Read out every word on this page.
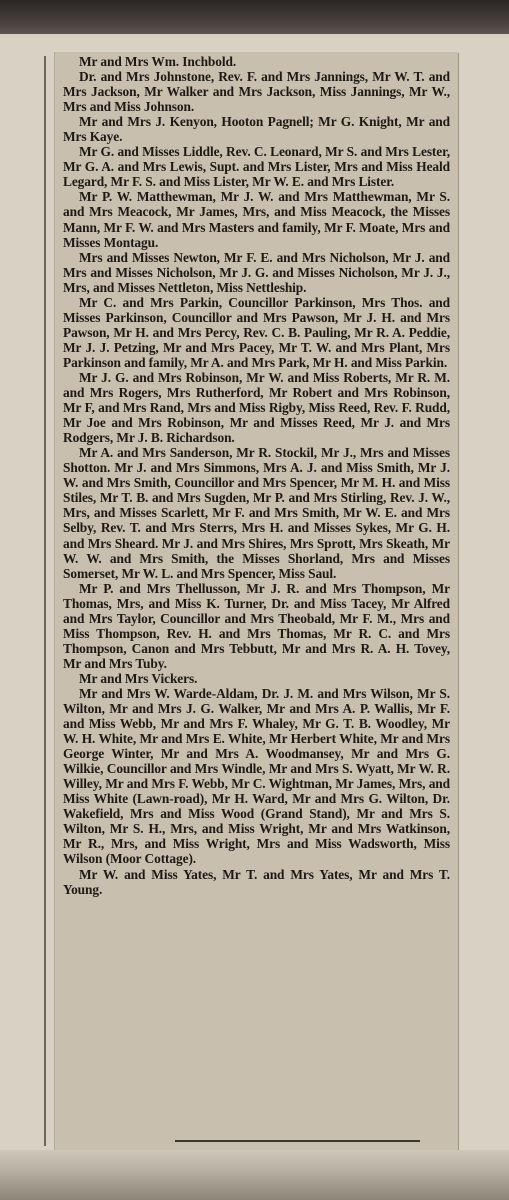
Mr and Mrs Wm. Inchbold.

Dr. and Mrs Johnstone, Rev. F. and Mrs Jannings, Mr W. T. and Mrs Jackson, Mr Walker and Mrs Jackson, Miss Jannings, Mr W., Mrs and Miss Johnson.

Mr and Mrs J. Kenyon, Hooton Pagnell; Mr G. Knight, Mr and Mrs Kaye.

Mr G. and Misses Liddle, Rev. C. Leonard, Mr S. and Mrs Lester, Mr G. A. and Mrs Lewis, Supt. and Mrs Lister, Mrs and Miss Heald Legard, Mr F. S. and Miss Lister, Mr W. E. and Mrs Lister.

Mr P. W. Matthewman, Mr J. W. and Mrs Matthewman, Mr S. and Mrs Meacock, Mr James, Mrs, and Miss Meacock, the Misses Mann, Mr F. W. and Mrs Masters and family, Mr F. Moate, Mrs and Misses Montagu.

Mrs and Misses Newton, Mr F. E. and Mrs Nicholson, Mr J. and Mrs and Misses Nicholson, Mr J. G. and Misses Nicholson, Mr J. J., Mrs, and Misses Nettleton, Miss Nettleship.

Mr C. and Mrs Parkin, Councillor Parkinson, Mrs Thos. and Misses Parkinson, Councillor and Mrs Pawson, Mr J. H. and Mrs Pawson, Mr H. and Mrs Percy, Rev. C. B. Pauling, Mr R. A. Peddie, Mr J. J. Petzing, Mr and Mrs Pacey, Mr T. W. and Mrs Plant, Mrs Parkinson and family, Mr A. and Mrs Park, Mr H. and Miss Parkin.

Mr J. G. and Mrs Robinson, Mr W. and Miss Roberts, Mr R. M. and Mrs Rogers, Mrs Rutherford, Mr Robert and Mrs Robinson, Mr F, and Mrs Rand, Mrs and Miss Rigby, Miss Reed, Rev. F. Rudd, Mr Joe and Mrs Robinson, Mr and Misses Reed, Mr J. and Mrs Rodgers, Mr J. B. Richardson.

Mr A. and Mrs Sanderson, Mr R. Stockil, Mr J., Mrs and Misses Shotton. Mr J. and Mrs Simmons, Mrs A. J. and Miss Smith, Mr J. W. and Mrs Smith, Councillor and Mrs Spencer, Mr M. H. and Miss Stiles, Mr T. B. and Mrs Sugden, Mr P. and Mrs Stirling, Rev. J. W., Mrs, and Misses Scarlett, Mr F. and Mrs Smith, Mr W. E. and Mrs Selby, Rev. T. and Mrs Sterrs, Mrs H. and Misses Sykes, Mr G. H. and Mrs Sheard. Mr J. and Mrs Shires, Mrs Sprott, Mrs Skeath, Mr W. W. and Mrs Smith, the Misses Shorland, Mrs and Misses Somerset, Mr W. L. and Mrs Spencer, Miss Saul.

Mr P. and Mrs Thellusson, Mr J. R. and Mrs Thompson, Mr Thomas, Mrs, and Miss K. Turner, Dr. and Miss Tacey, Mr Alfred and Mrs Taylor, Councillor and Mrs Theobald, Mr F. M., Mrs and Miss Thompson, Rev. H. and Mrs Thomas, Mr R. C. and Mrs Thompson, Canon and Mrs Tebbutt, Mr and Mrs R. A. H. Tovey, Mr and Mrs Tuby.

Mr and Mrs Vickers.

Mr and Mrs W. Warde-Aldam, Dr. J. M. and Mrs Wilson, Mr S. Wilton, Mr and Mrs J. G. Walker, Mr and Mrs A. P. Wallis, Mr F. and Miss Webb, Mr and Mrs F. Whaley, Mr G. T. B. Woodley, Mr W. H. White, Mr and Mrs E. White, Mr Herbert White, Mr and Mrs George Winter, Mr and Mrs A. Woodmansey, Mr and Mrs G. Wilkie, Councillor and Mrs Windle, Mr and Mrs S. Wyatt, Mr W. R. Willey, Mr and Mrs F. Webb, Mr C. Wightman, Mr James, Mrs, and Miss White (Lawn-road), Mr H. Ward, Mr and Mrs G. Wilton, Dr. Wakefield, Mrs and Miss Wood (Grand Stand), Mr and Mrs S. Wilton, Mr S. H., Mrs, and Miss Wright, Mr and Mrs Watkinson, Mr R., Mrs, and Miss Wright, Mrs and Miss Wadsworth, Miss Wilson (Moor Cottage).

Mr W. and Miss Yates, Mr T. and Mrs Yates, Mr and Mrs T. Young.
